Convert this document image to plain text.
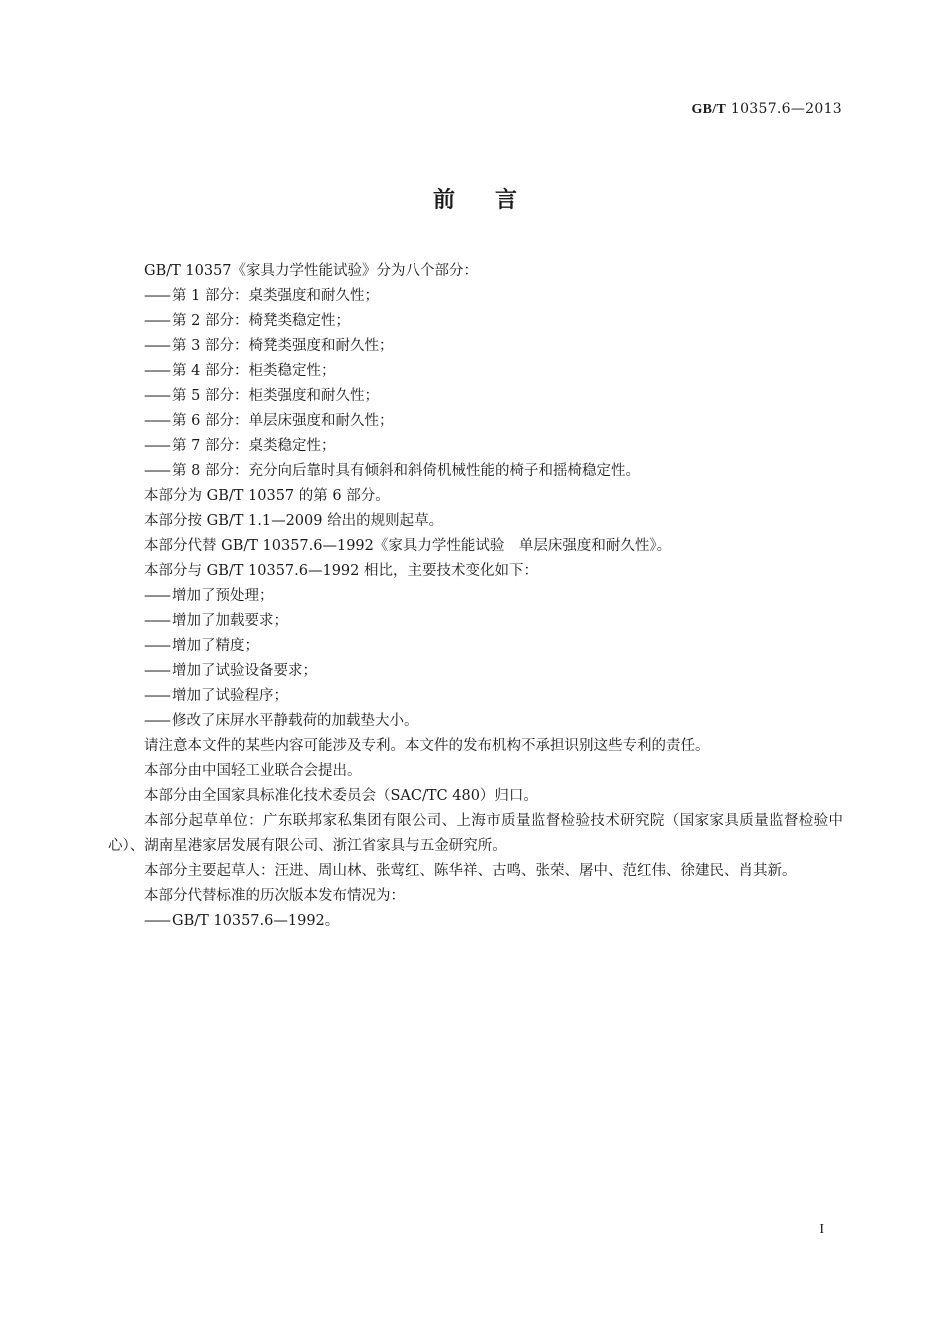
GB/T 10357.6—2013
前言

GB/T 10357《家具力学性能试验》分为八个部分：

—— 第 1 部分：桌类强度和耐久性；

—— 第 2 部分：椅凳类稳定性；

—— 第 3 部分：椅凳类强度和耐久性；

—— 第 4 部分：柜类稳定性；

—— 第 5 部分：柜类强度和耐久性；

—— 第 6 部分：单层床强度和耐久性；

—— 第 7 部分：桌类稳定性；

—— 第 8 部分：充分向后靠时具有倾斜和斜倚机械性能的椅子和摇椅稳定性。

本部分为 GB/T 10357 的第 6 部分。

本部分按 GB/T 1.1—2009 给出的规则起草。

本部分代替 GB/T 10357.6—1992《家具力学性能试验　单层床强度和耐久性》。

本部分与 GB/T 10357.6—1992 相比，主要技术变化如下：

—— 增加了预处理；

—— 增加了加载要求；

—— 增加了精度；

—— 增加了试验设备要求；

—— 增加了试验程序；

—— 修改了床屏水平静载荷的加载垫大小。

请注意本文件的某些内容可能涉及专利。本文件的发布机构不承担识别这些专利的责任。

本部分由中国轻工业联合会提出。

本部分由全国家具标准化技术委员会（SAC/TC 480）归口。

本部分起草单位：广东联邦家私集团有限公司、上海市质量监督检验技术研究院（国家家具质量监督检验中心）、湖南星港家居发展有限公司、浙江省家具与五金研究所。

本部分主要起草人：汪进、周山林、张莺红、陈华祥、古鸣、张荣、屠中、范红伟、徐建民、肖其新。

本部分代替标准的历次版本发布情况为：

—— GB/T 10357.6—1992。

I
